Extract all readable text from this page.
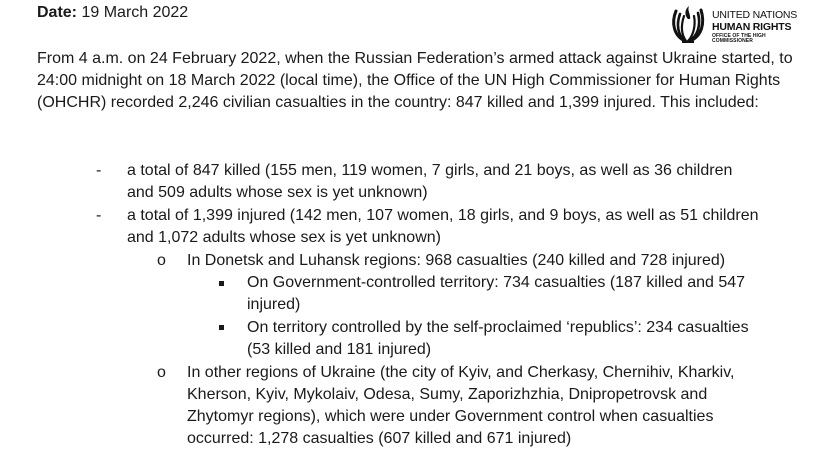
Date: 19 March 2022	UNITED NATIONS
HUMAN RIGHTS
OFFICE OF THE HIGH COMMISSIONER

From 4 a.m. on 24 February 2022, when the Russian Federation’s armed attack against Ukraine started, to 24:00 midnight on 18 March 2022 (local time), the Office of the UN High Commissioner for Human Rights (OHCHR) recorded 2,246 civilian casualties in the country: 847 killed and 1,399 injured. This included:

- a total of 847 killed (155 men, 119 women, 7 girls, and 21 boys, as well as 36 children
and 509 adults whose sex is yet unknown)
- a total of 1,399 injured (142 men, 107 women, 18 girls, and 9 boys, as well as 51 children
and 1,072 adults whose sex is yet unknown)
o In Donetsk and Luhansk regions: 968 casualties (240 killed and 728 injured)
On Government-controlled territory: 734 casualties (187 killed and 547
injured)
On territory controlled by the self-proclaimed ‘republics’: 234 casualties
(53 killed and 181 injured)
o In other regions of Ukraine (the city of Kyiv, and Cherkasy, Chernihiv, Kharkiv,
Kherson, Kyiv, Mykolaiv, Odesa, Sumy, Zaporizhzhia, Dnipropetrovsk and
Zhytomyr regions), which were under Government control when casualties
occurred: 1,278 casualties (607 killed and 671 injured)
